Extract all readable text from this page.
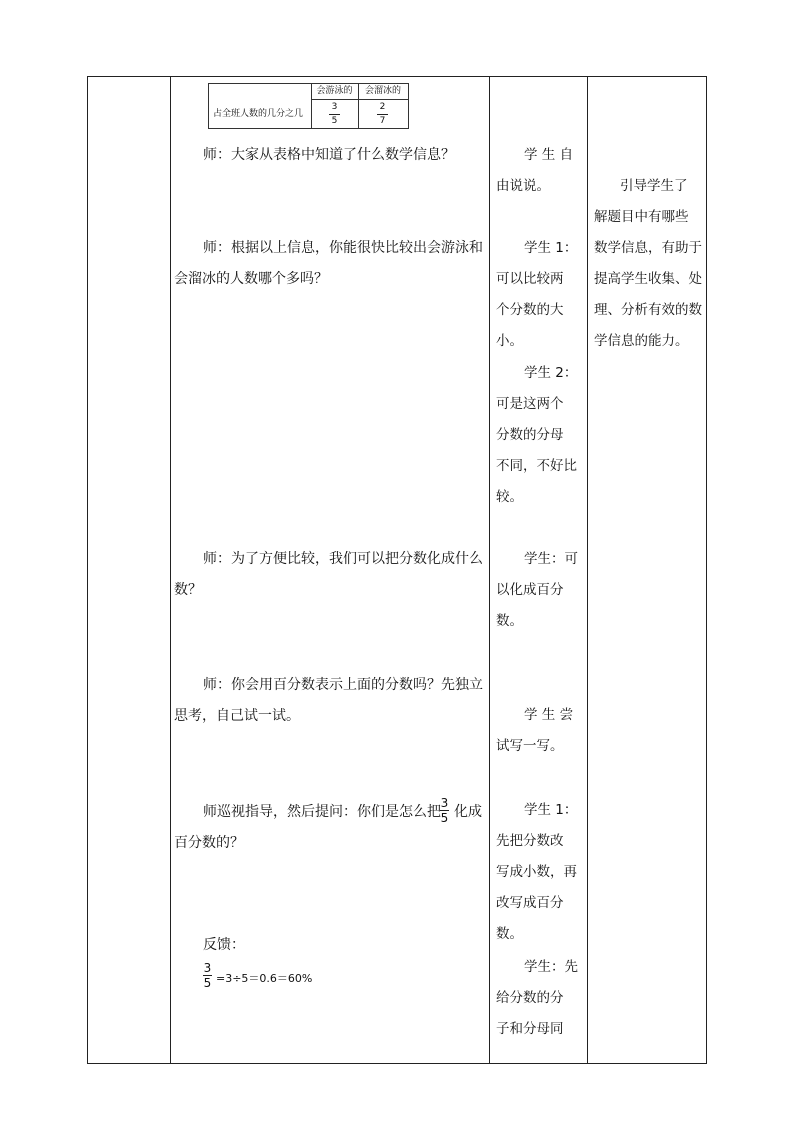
会游泳的	会溜冰的
占全班人数的几分之几
3
5
2
7
师：大家从表格中知道了什么数学信息？
师：根据以上信息，你能很快比较出会游泳和
会溜冰的人数哪个多吗？
师：为了方便比较，我们可以把分数化成什么
数？
师：你会用百分数表示上面的分数吗？先独立
思考，自己试一试。
师巡视指导，然后提问：你们是怎么把
3
5 化成
百分数的？
反馈：
3
5 =3÷5＝0.6＝60%
学 生 自
由说说。
学生 1：
可以比较两
个分数的大
小。
学生 2：
可是这两个
分数的分母
不同，不好比
较。
学生：可
以化成百分
数。
学 生 尝
试写一写。
学生 1：
先把分数改
写成小数，再
改写成百分
数。
学生：先
给分数的分
子和分母同
引导学生了
解题目中有哪些
数学信息，有助于
提高学生收集、处
理、分析有效的数
学信息的能力。
